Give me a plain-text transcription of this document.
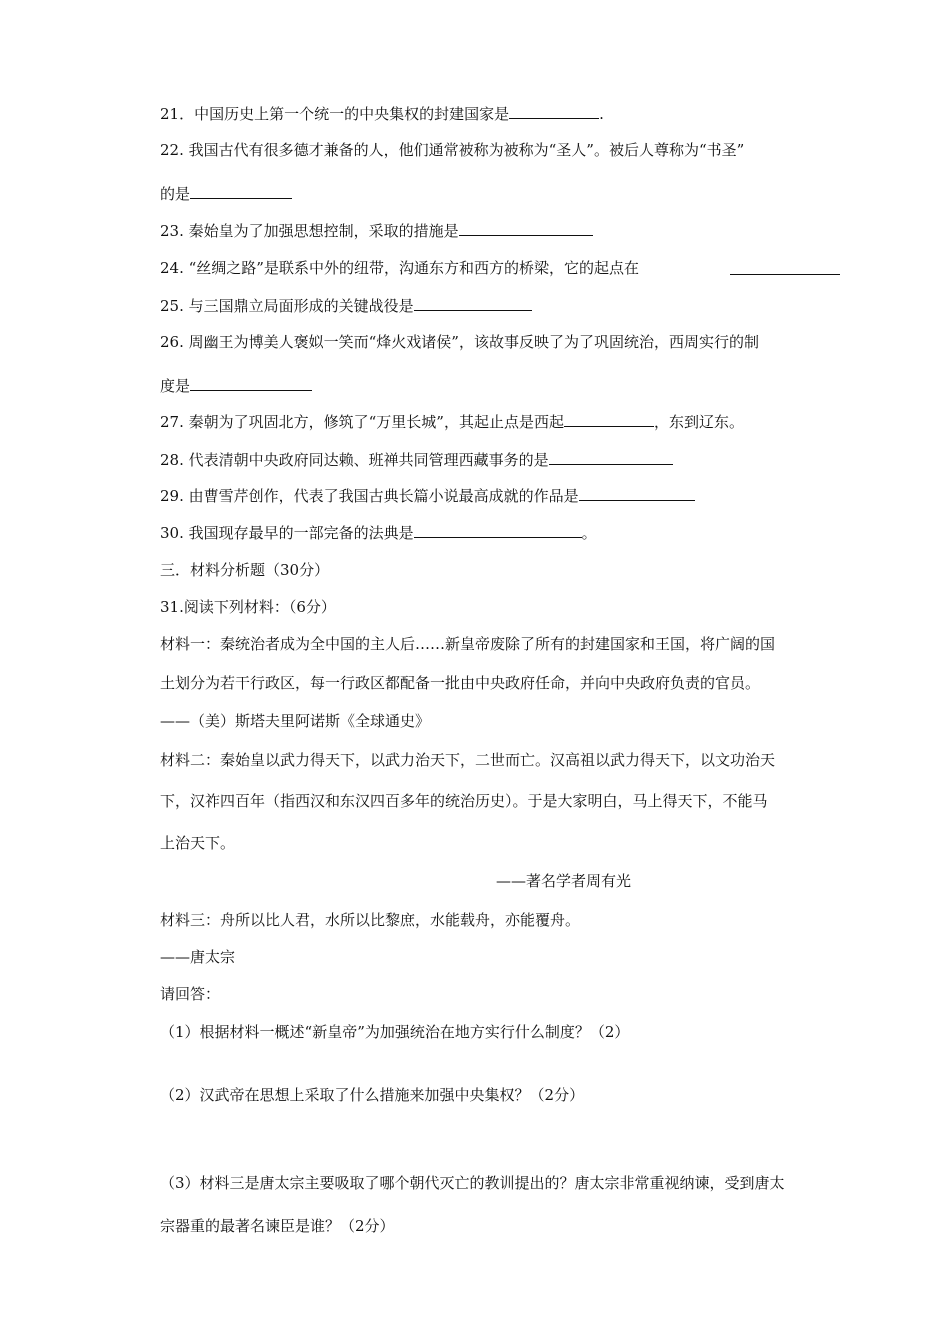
21．中国历史上第一个统一的中央集权的封建国家是	.
22. 我国古代有很多德才兼备的人，他们通常被称为被称为“圣人”。被后人尊称为“书圣”
的是
23. 秦始皇为了加强思想控制，采取的措施是
24. “丝绸之路”是联系中外的纽带，沟通东方和西方的桥梁，它的起点在
25. 与三国鼎立局面形成的关键战役是
26. 周幽王为博美人褒姒一笑而“烽火戏诸侯”，该故事反映了为了巩固统治，西周实行的制
度是
27. 秦朝为了巩固北方，修筑了“万里长城”，其起止点是西起	，东到辽东。
28. 代表清朝中央政府同达赖、班禅共同管理西藏事务的是
29. 由曹雪芹创作，代表了我国古典长篇小说最高成就的作品是
30. 我国现存最早的一部完备的法典是	。
三．材料分析题（30分）
31.阅读下列材料：（6分）
材料一：秦统治者成为全中国的主人后……新皇帝废除了所有的封建国家和王国，将广阔的国
土划分为若干行政区，每一行政区都配备一批由中央政府任命，并向中央政府负责的官员。
——（美）斯塔夫里阿诺斯《全球通史》
材料二：秦始皇以武力得天下，以武力治天下，二世而亡。汉高祖以武力得天下，以文功治天
下，汉祚四百年（指西汉和东汉四百多年的统治历史）。于是大家明白，马上得天下，不能马
上治天下。
——著名学者周有光
材料三：舟所以比人君，水所以比黎庶，水能载舟，亦能覆舟。
——唐太宗
请回答：
（1）根据材料一概述“新皇帝”为加强统治在地方实行什么制度？（2）
（2）汉武帝在思想上采取了什么措施来加强中央集权？（2分）
（3）材料三是唐太宗主要吸取了哪个朝代灭亡的教训提出的？唐太宗非常重视纳谏，受到唐太
宗器重的最著名谏臣是谁？（2分）
